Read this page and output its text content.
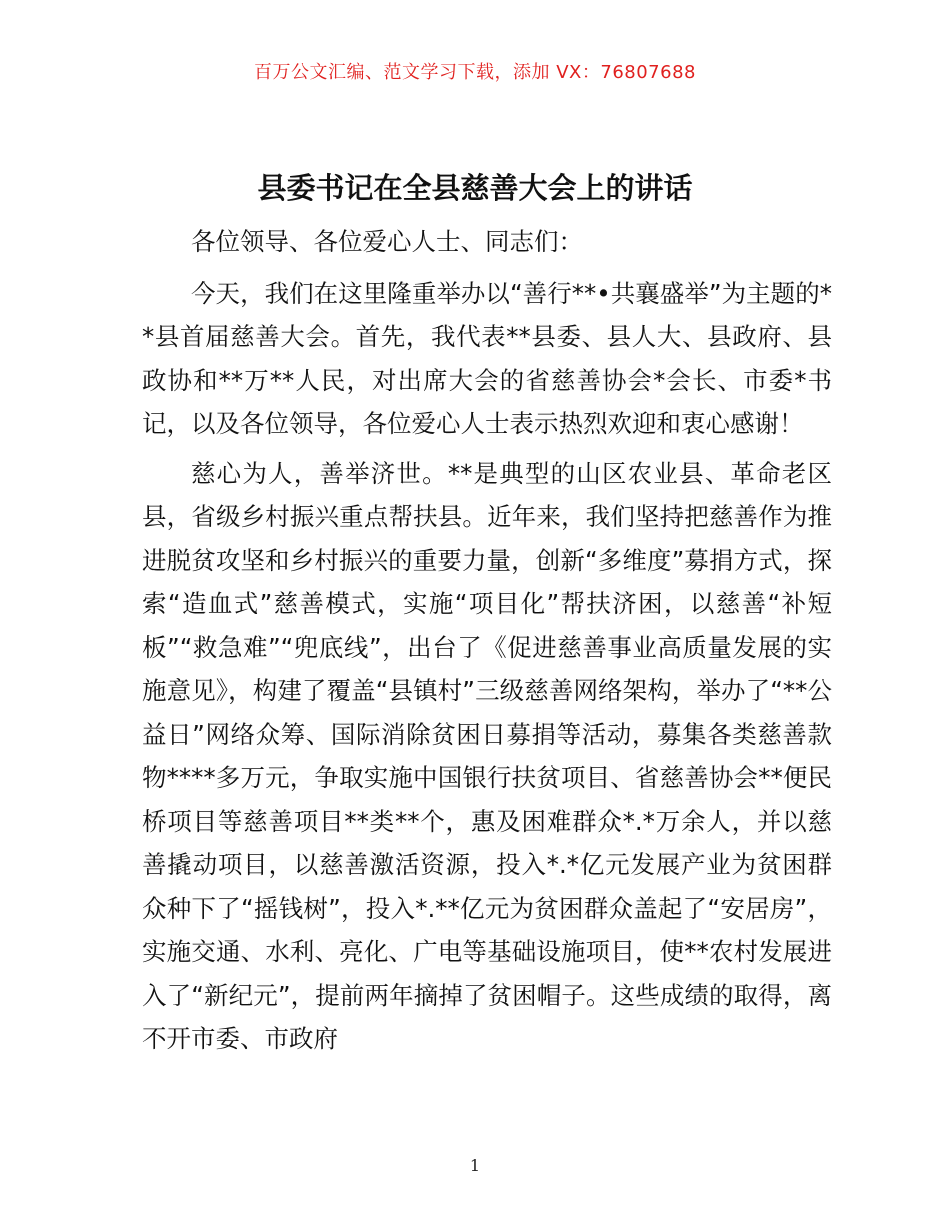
百万公文汇编、范文学习下载，添加 VX：76807688
县委书记在全县慈善大会上的讲话

各位领导、各位爱心人士、同志们：

今天，我们在这里隆重举办以“善行**•共襄盛举”为主题的**县首届慈善大会。首先，我代表**县委、县人大、县政府、县政协和**万**人民，对出席大会的省慈善协会*会长、市委*书记，以及各位领导，各位爱心人士表示热烈欢迎和衷心感谢！

慈心为人，善举济世。**是典型的山区农业县、革命老区县，省级乡村振兴重点帮扶县。近年来，我们坚持把慈善作为推进脱贫攻坚和乡村振兴的重要力量，创新“多维度”募捐方式，探索“造血式”慈善模式，实施“项目化”帮扶济困，以慈善“补短板”“救急难”“兜底线”，出台了《促进慈善事业高质量发展的实施意见》，构建了覆盖“县镇村”三级慈善网络架构，举办了“**公益日”网络众筹、国际消除贫困日募捐等活动，募集各类慈善款物****多万元，争取实施中国银行扶贫项目、省慈善协会**便民桥项目等慈善项目**类**个，惠及困难群众*.*万余人，并以慈善撬动项目，以慈善激活资源，投入*.*亿元发展产业为贫困群众种下了“摇钱树”，投入*.**亿元为贫困群众盖起了“安居房”，实施交通、水利、亮化、广电等基础设施项目，使**农村发展进入了“新纪元”，提前两年摘掉了贫困帽子。这些成绩的取得，离不开市委、市政府

1
